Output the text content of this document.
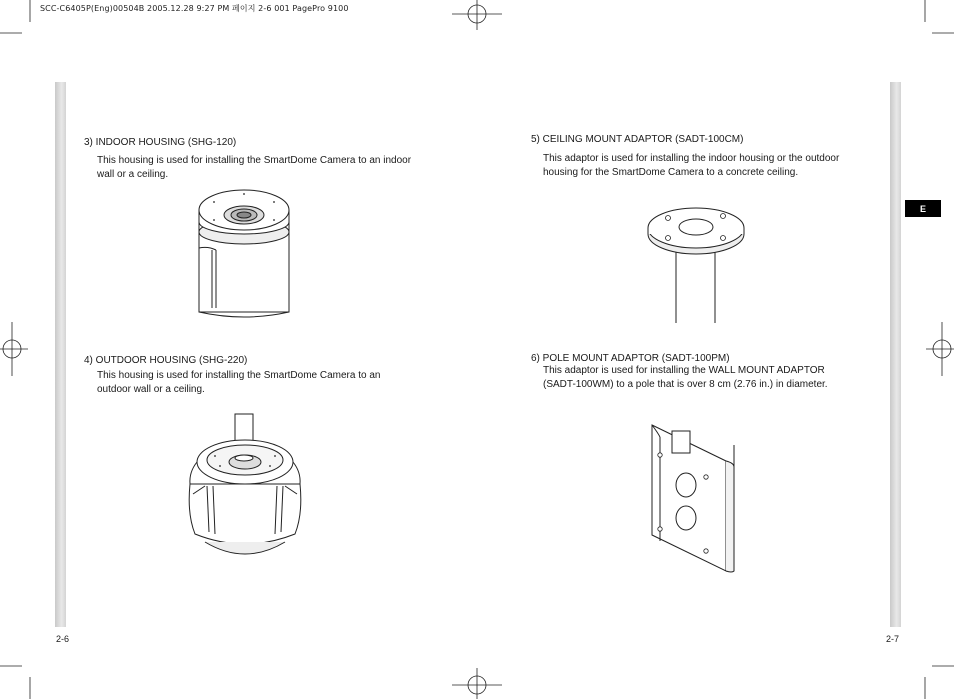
SCC-C6405P(Eng)00504B 2005.12.28 9:27 PM 페이지 2-6 001 PagePro 9100
3) INDOOR HOUSING (SHG-120)
This housing is used for installing the SmartDome Camera to an indoor
wall or a ceiling.
4) OUTDOOR HOUSING (SHG-220)
This housing is used for installing the SmartDome Camera to an
outdoor wall or a ceiling.
5) CEILING MOUNT ADAPTOR (SADT-100CM)
This adaptor is used for installing the indoor housing or the outdoor
housing for the SmartDome Camera to a concrete ceiling.
6) POLE MOUNT ADAPTOR (SADT-100PM)
This adaptor is used for installing the WALL MOUNT ADAPTOR
(SADT-100WM) to a pole that is over 8 cm (2.76 in.) in diameter.
2-6	2-7
E
